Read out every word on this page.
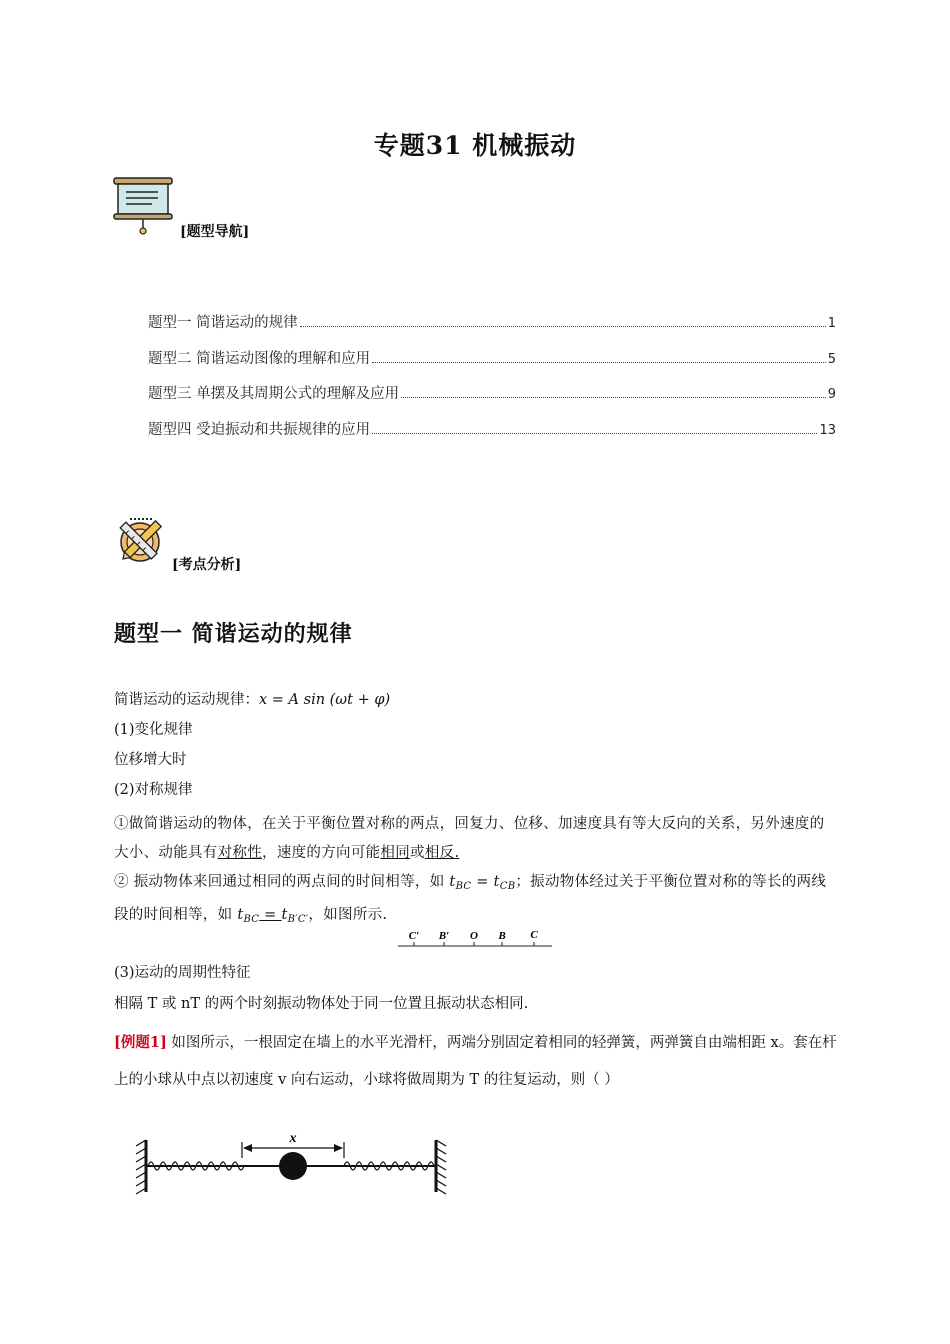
专题31 机械振动
[题型导航]
题型一 简谐运动的规律	1
题型二 简谐运动图像的理解和应用	5
题型三 单摆及其周期公式的理解及应用	9
题型四 受迫振动和共振规律的应用	13
[考点分析]
题型一 简谐运动的规律
简谐运动的运动规律：x = A sin (ωt + φ)
(1)变化规律
位移增大时
(2)对称规律
①做简谐运动的物体，在关于平衡位置对称的两点，回复力、位移、加速度具有等大反向的关系，另外速度的大小、动能具有对称性，速度的方向可能相同或相反.
② 振动物体来回通过相同的两点间的时间相等，如 $t_{BC} = t_{CB}$；振动物体经过关于平衡位置对称的等长的两线段的时间相等，如 $t_{BC} = t_{B'C'}$，如图所示.
C′ B′ O B C
(3)运动的周期性特征
相隔 T 或 nT 的两个时刻振动物体处于同一位置且振动状态相同.
[例题1] 如图所示，一根固定在墙上的水平光滑杆，两端分别固定着相同的轻弹簧，两弹簧自由端相距 x。套在杆上的小球从中点以初速度 v 向右运动，小球将做周期为 T 的往复运动，则（ ）
x
